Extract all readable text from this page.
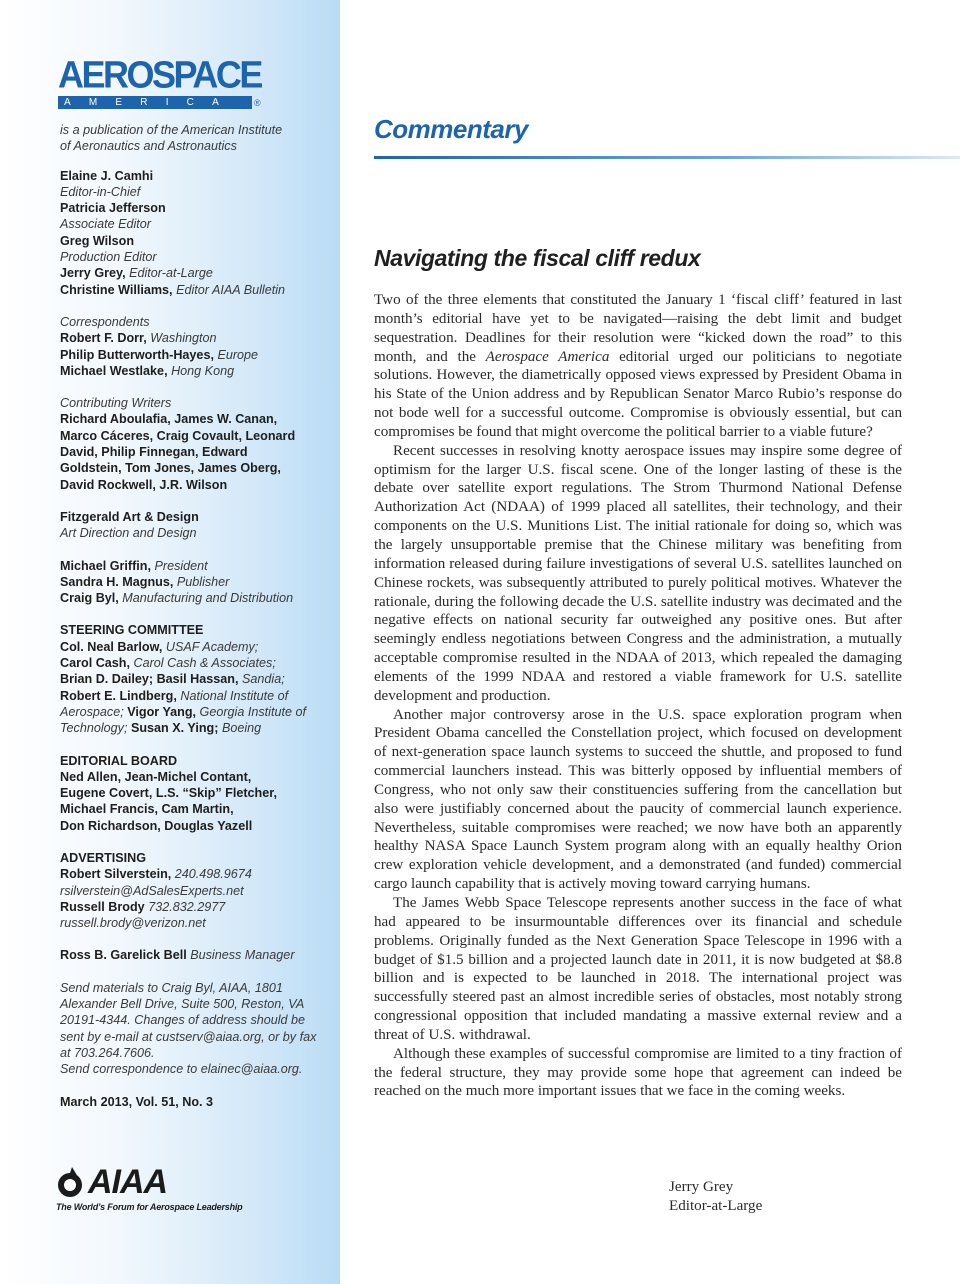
AEROSPACE
AMERICA	®

is a publication of the American Institute

of Aeronautics and Astronautics

Elaine J. Camhi

Editor-in-Chief

Patricia Jefferson

Associate Editor

Greg Wilson

Production Editor

Jerry Grey, Editor-at-Large

Christine Williams, Editor AIAA Bulletin

Correspondents

Robert F. Dorr, Washington

Philip Butterworth-Hayes, Europe

Michael Westlake, Hong Kong

Contributing Writers

Richard Aboulafia, James W. Canan,

Marco Cáceres, Craig Covault, Leonard

David, Philip Finnegan, Edward

Goldstein, Tom Jones, James Oberg,

David Rockwell, J.R. Wilson

Fitzgerald Art & Design

Art Direction and Design

Michael Griffin, President

Sandra H. Magnus, Publisher

Craig Byl, Manufacturing and Distribution

STEERING COMMITTEE

Col. Neal Barlow, USAF Academy;

Carol Cash, Carol Cash & Associates;

Brian D. Dailey; Basil Hassan, Sandia;

Robert E. Lindberg, National Institute of

Aerospace; Vigor Yang, Georgia Institute of

Technology; Susan X. Ying; Boeing

EDITORIAL BOARD

Ned Allen, Jean-Michel Contant,

Eugene Covert, L.S. “Skip” Fletcher,

Michael Francis, Cam Martin,

Don Richardson, Douglas Yazell

ADVERTISING

Robert Silverstein, 240.498.9674

rsilverstein@AdSalesExperts.net

Russell Brody 732.832.2977

russell.brody@verizon.net

Ross B. Garelick Bell Business Manager

Send materials to Craig Byl, AIAA, 1801

Alexander Bell Drive, Suite 500, Reston, VA

20191-4344. Changes of address should be

sent by e-mail at custserv@aiaa.org, or by fax

at 703.264.7606.

Send correspondence to elainec@aiaa.org.

March 2013, Vol. 51, No. 3

AIAA
The World’s Forum for Aerospace Leadership
Commentary
Navigating the fiscal cliff redux

Two of the three elements that constituted the January 1 ‘fiscal cliff’ featured in last month’s editorial have yet to be navigated—raising the debt limit and budget sequestration. Deadlines for their resolution were “kicked down the road” to this month, and the Aerospace America editorial urged our politicians to negotiate solutions. However, the diametrically opposed views expressed by President Obama in his State of the Union address and by Republican Senator Marco Rubio’s response do not bode well for a successful outcome. Compromise is obviously essential, but can compromises be found that might overcome the political barrier to a viable future?

Recent successes in resolving knotty aerospace issues may inspire some degree of optimism for the larger U.S. fiscal scene. One of the longer lasting of these is the debate over satellite export regulations. The Strom Thurmond National Defense Authorization Act (NDAA) of 1999 placed all satellites, their technology, and their components on the U.S. Munitions List. The initial rationale for doing so, which was the largely unsupportable premise that the Chinese military was benefiting from information released during failure investigations of several U.S. satellites launched on Chinese rockets, was subsequently attributed to purely political motives. Whatever the rationale, during the following decade the U.S. satellite industry was decimated and the negative effects on national security far outweighed any positive ones. But after seemingly endless negotiations between Congress and the administration, a mutually acceptable compromise resulted in the NDAA of 2013, which repealed the damaging elements of the 1999 NDAA and restored a viable framework for U.S. satellite development and production.

Another major controversy arose in the U.S. space exploration program when President Obama cancelled the Constellation project, which focused on development of next-generation space launch systems to succeed the shuttle, and proposed to fund commercial launchers instead. This was bitterly opposed by influential members of Congress, who not only saw their constituencies suffering from the cancellation but also were justifiably concerned about the paucity of commercial launch experience. Nevertheless, suitable compromises were reached; we now have both an apparently healthy NASA Space Launch System program along with an equally healthy Orion crew exploration vehicle development, and a demonstrated (and funded) commercial cargo launch capability that is actively moving toward carrying humans.

The James Webb Space Telescope represents another success in the face of what had appeared to be insurmountable differences over its financial and schedule problems. Originally funded as the Next Generation Space Telescope in 1996 with a budget of $1.5 billion and a projected launch date in 2011, it is now budgeted at $8.8 billion and is expected to be launched in 2018. The international project was successfully steered past an almost incredible series of obstacles, most notably strong congressional opposition that included mandating a massive external review and a threat of U.S. withdrawal.

Although these examples of successful compromise are limited to a tiny fraction of the federal structure, they may provide some hope that agreement can indeed be reached on the much more important issues that we face in the coming weeks.

Jerry Grey
Editor-at-Large
